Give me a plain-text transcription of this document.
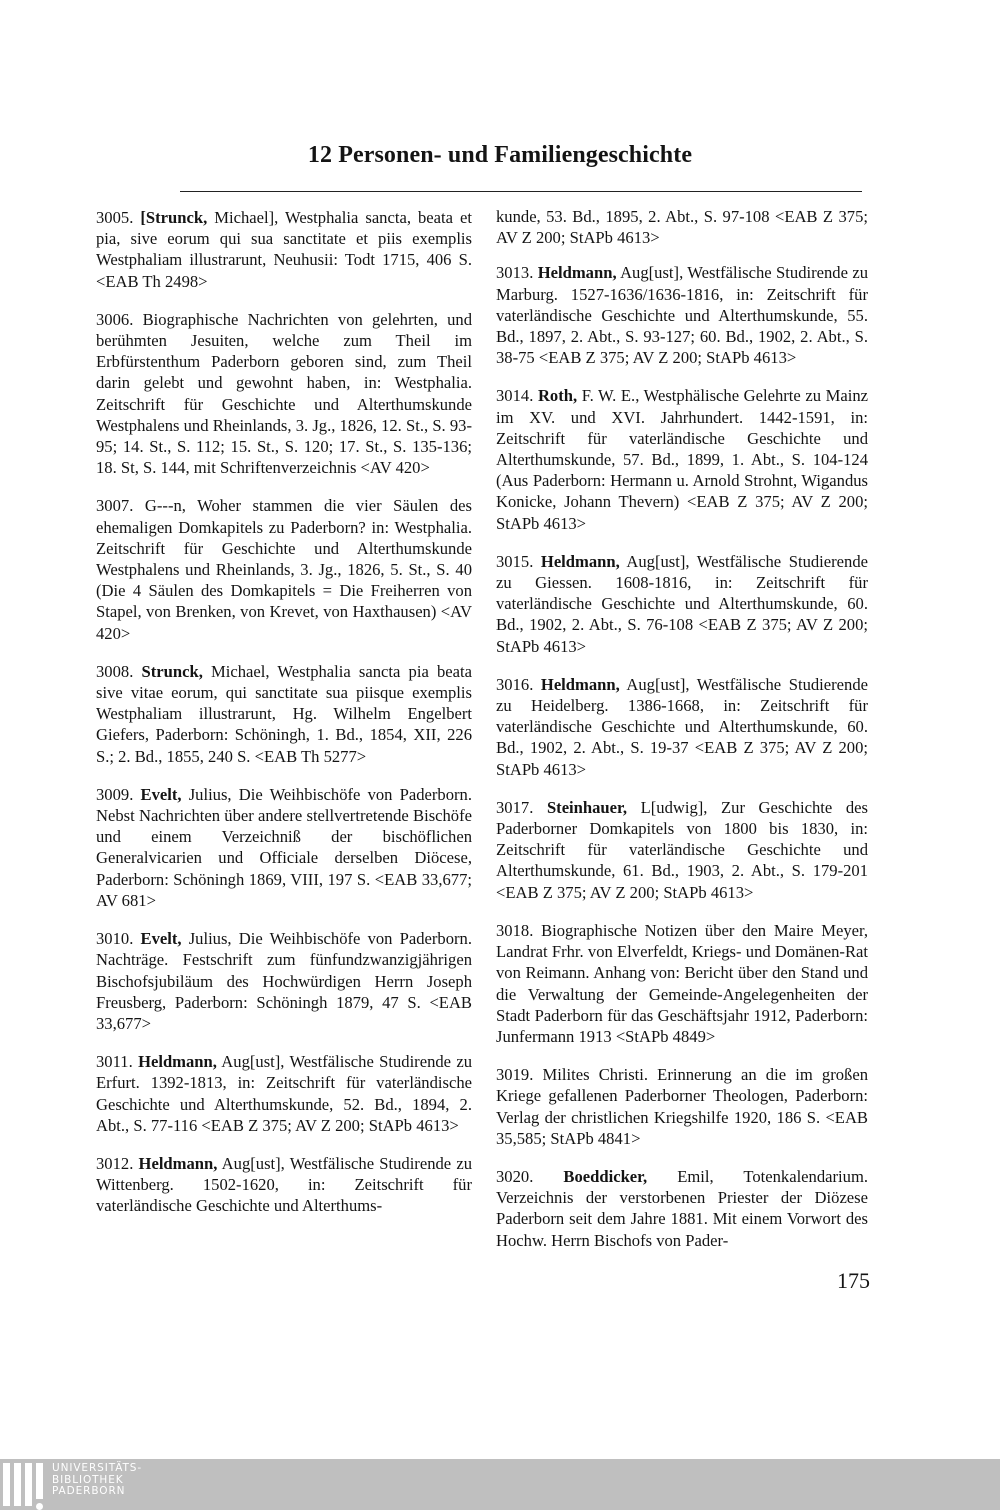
12 Personen- und Familiengeschichte

3005. [Strunck, Michael], Westphalia sancta, beata et pia, sive eorum qui sua sanctitate et piis exemplis Westphaliam illustrarunt, Neuhusii: Todt 1715, 406 S. <EAB Th 2498>

3006. Biographische Nachrichten von gelehrten, und berühmten Jesuiten, welche zum Theil im Erbfürstenthum Paderborn geboren sind, zum Theil darin gelebt und gewohnt haben, in: Westphalia. Zeitschrift für Geschichte und Alterthumskunde Westphalens und Rheinlands, 3. Jg., 1826, 12. St., S. 93-95; 14. St., S. 112; 15. St., S. 120; 17. St., S. 135-136; 18. St, S. 144, mit Schriftenverzeichnis <AV 420>

3007. G---n, Woher stammen die vier Säulen des ehemaligen Domkapitels zu Paderborn? in: Westphalia. Zeitschrift für Geschichte und Alterthumskunde Westphalens und Rheinlands, 3. Jg., 1826, 5. St., S. 40 (Die 4 Säulen des Domkapitels = Die Freiherren von Stapel, von Brenken, von Krevet, von Haxthausen) <AV 420>

3008. Strunck, Michael, Westphalia sancta pia beata sive vitae eorum, qui sanctitate sua piisque exemplis Westphaliam illustrarunt, Hg. Wilhelm Engelbert Giefers, Paderborn: Schöningh, 1. Bd., 1854, XII, 226 S.; 2. Bd., 1855, 240 S. <EAB Th 5277>

3009. Evelt, Julius, Die Weihbischöfe von Paderborn. Nebst Nachrichten über andere stellvertretende Bischöfe und einem Verzeichniß der bischöflichen Generalvicarien und Officiale derselben Diöcese, Paderborn: Schöningh 1869, VIII, 197 S. <EAB 33,677; AV 681>

3010. Evelt, Julius, Die Weihbischöfe von Paderborn. Nachträge. Festschrift zum fünfundzwanzigjährigen Bischofsjubiläum des Hochwürdigen Herrn Joseph Freusberg, Paderborn: Schöningh 1879, 47 S. <EAB 33,677>

3011. Heldmann, Aug[ust], Westfälische Studirende zu Erfurt. 1392-1813, in: Zeitschrift für vaterländische Geschichte und Alterthumskunde, 52. Bd., 1894, 2. Abt., S. 77-116 <EAB Z 375; AV Z 200; StAPb 4613>

3012. Heldmann, Aug[ust], Westfälische Studirende zu Wittenberg. 1502-1620, in: Zeitschrift für vaterländische Geschichte und Alterthums-

kunde, 53. Bd., 1895, 2. Abt., S. 97-108 <EAB Z 375; AV Z 200; StAPb 4613>

3013. Heldmann, Aug[ust], Westfälische Studirende zu Marburg. 1527-1636/1636-1816, in: Zeitschrift für vaterländische Geschichte und Alterthumskunde, 55. Bd., 1897, 2. Abt., S. 93-127; 60. Bd., 1902, 2. Abt., S. 38-75 <EAB Z 375; AV Z 200; StAPb 4613>

3014. Roth, F. W. E., Westphälische Gelehrte zu Mainz im XV. und XVI. Jahrhundert. 1442-1591, in: Zeitschrift für vaterländische Geschichte und Alterthumskunde, 57. Bd., 1899, 1. Abt., S. 104-124 (Aus Paderborn: Hermann u. Arnold Strohnt, Wigandus Konicke, Johann Thevern) <EAB Z 375; AV Z 200; StAPb 4613>

3015. Heldmann, Aug[ust], Westfälische Studierende zu Giessen. 1608-1816, in: Zeitschrift für vaterländische Geschichte und Alterthumskunde, 60. Bd., 1902, 2. Abt., S. 76-108 <EAB Z 375; AV Z 200; StAPb 4613>

3016. Heldmann, Aug[ust], Westfälische Studierende zu Heidelberg. 1386-1668, in: Zeitschrift für vaterländische Geschichte und Alterthumskunde, 60. Bd., 1902, 2. Abt., S. 19-37 <EAB Z 375; AV Z 200; StAPb 4613>

3017. Steinhauer, L[udwig], Zur Geschichte des Paderborner Domkapitels von 1800 bis 1830, in: Zeitschrift für vaterländische Geschichte und Alterthumskunde, 61. Bd., 1903, 2. Abt., S. 179-201 <EAB Z 375; AV Z 200; StAPb 4613>

3018. Biographische Notizen über den Maire Meyer, Landrat Frhr. von Elverfeldt, Kriegs- und Domänen-Rat von Reimann. Anhang von: Bericht über den Stand und die Verwaltung der Gemeinde-Angelegenheiten der Stadt Paderborn für das Geschäftsjahr 1912, Paderborn: Junfermann 1913 <StAPb 4849>

3019. Milites Christi. Erinnerung an die im großen Kriege gefallenen Paderborner Theologen, Paderborn: Verlag der christlichen Kriegshilfe 1920, 186 S. <EAB 35,585; StAPb 4841>

3020. Boeddicker, Emil, Totenkalendarium. Verzeichnis der verstorbenen Priester der Diözese Paderborn seit dem Jahre 1881. Mit einem Vorwort des Hochw. Herrn Bischofs von Pader-

175
UNIVERSITÄTS-
BIBLIOTHEK
PADERBORN
